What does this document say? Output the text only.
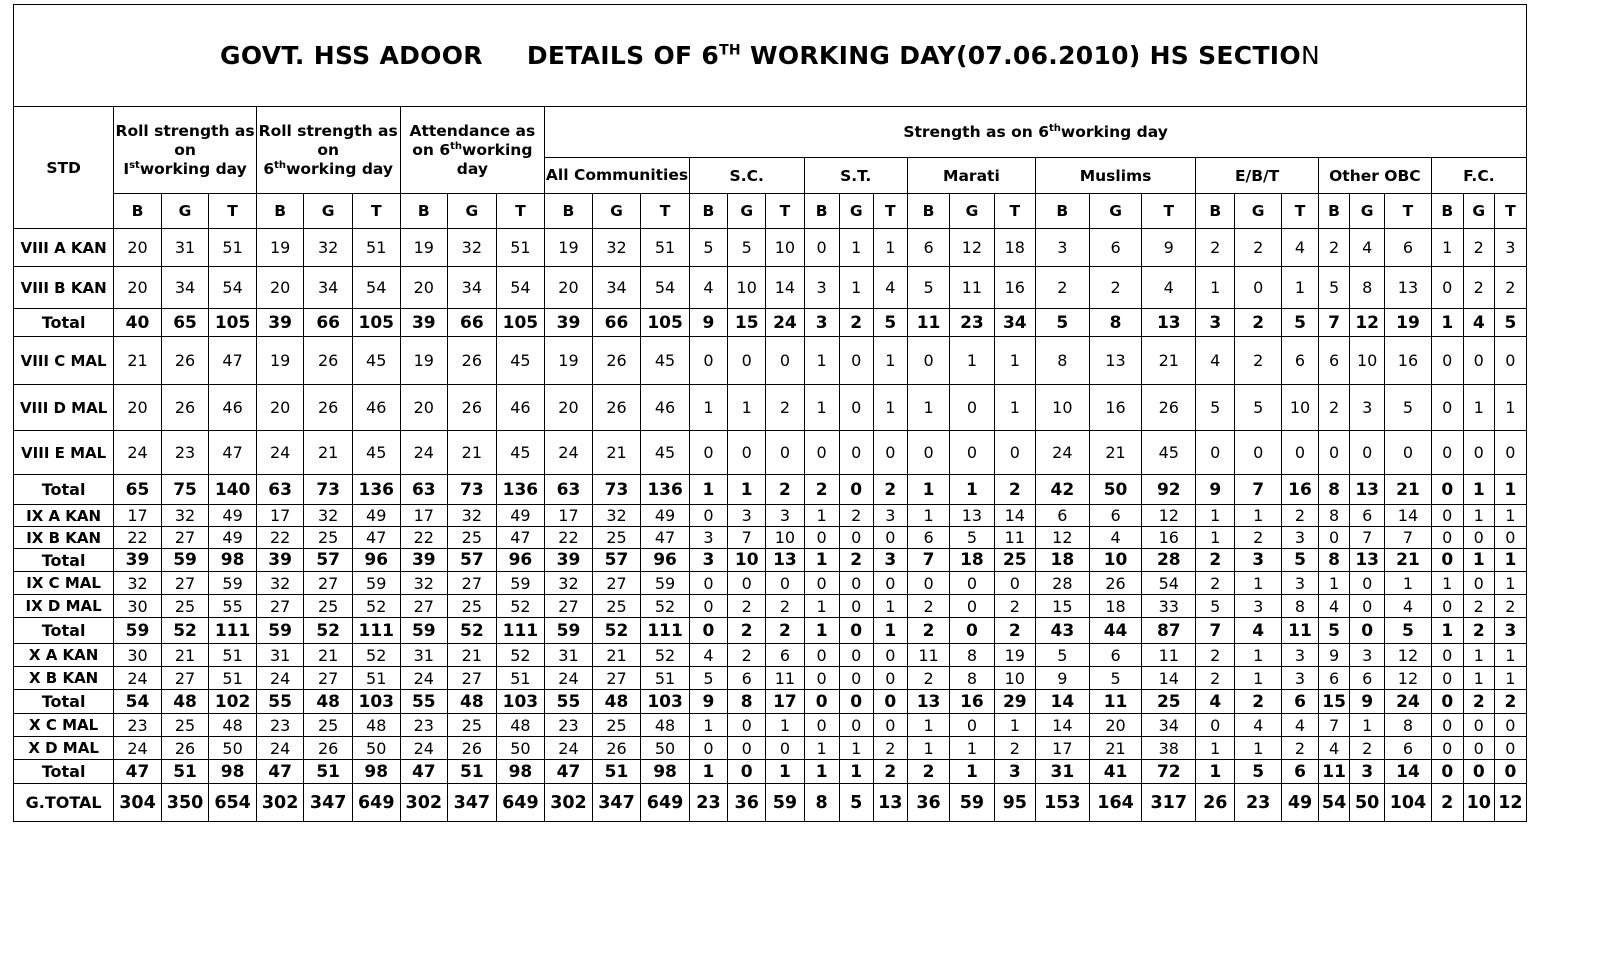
GOVT. HSS ADOOR DETAILS OF 6TH WORKING DAY(07.06.2010) HS SECTION
STD	Roll strength as on
Istworking day			Roll strength as on
6thworking day			Attendance as on 6thworking day			Strength as on 6thworking day																							
										All Communities			S.C.			S.T.			Marati			Muslims			E/B/T			Other OBC			F.C.		
	B	G	T	B	G	T	B	G	T	B	G	T	B	G	T	B	G	T	B	G	T	B	G	T	B	G	T	B	G	T	B	G	T
VIII A KAN	20	31	51	19	32	51	19	32	51	19	32	51	5	5	10	0	1	1	6	12	18	3	6	9	2	2	4	2	4	6	1	2	3
VIII B KAN	20	34	54	20	34	54	20	34	54	20	34	54	4	10	14	3	1	4	5	11	16	2	2	4	1	0	1	5	8	13	0	2	2
Total	40	65	105	39	66	105	39	66	105	39	66	105	9	15	24	3	2	5	11	23	34	5	8	13	3	2	5	7	12	19	1	4	5
VIII C MAL	21	26	47	19	26	45	19	26	45	19	26	45	0	0	0	1	0	1	0	1	1	8	13	21	4	2	6	6	10	16	0	0	0
VIII D MAL	20	26	46	20	26	46	20	26	46	20	26	46	1	1	2	1	0	1	1	0	1	10	16	26	5	5	10	2	3	5	0	1	1
VIII E MAL	24	23	47	24	21	45	24	21	45	24	21	45	0	0	0	0	0	0	0	0	0	24	21	45	0	0	0	0	0	0	0	0	0
Total	65	75	140	63	73	136	63	73	136	63	73	136	1	1	2	2	0	2	1	1	2	42	50	92	9	7	16	8	13	21	0	1	1
IX A KAN	17	32	49	17	32	49	17	32	49	17	32	49	0	3	3	1	2	3	1	13	14	6	6	12	1	1	2	8	6	14	0	1	1
IX B KAN	22	27	49	22	25	47	22	25	47	22	25	47	3	7	10	0	0	0	6	5	11	12	4	16	1	2	3	0	7	7	0	0	0
Total	39	59	98	39	57	96	39	57	96	39	57	96	3	10	13	1	2	3	7	18	25	18	10	28	2	3	5	8	13	21	0	1	1
IX C MAL	32	27	59	32	27	59	32	27	59	32	27	59	0	0	0	0	0	0	0	0	0	28	26	54	2	1	3	1	0	1	1	0	1
IX D MAL	30	25	55	27	25	52	27	25	52	27	25	52	0	2	2	1	0	1	2	0	2	15	18	33	5	3	8	4	0	4	0	2	2
Total	59	52	111	59	52	111	59	52	111	59	52	111	0	2	2	1	0	1	2	0	2	43	44	87	7	4	11	5	0	5	1	2	3
X A KAN	30	21	51	31	21	52	31	21	52	31	21	52	4	2	6	0	0	0	11	8	19	5	6	11	2	1	3	9	3	12	0	1	1
X B KAN	24	27	51	24	27	51	24	27	51	24	27	51	5	6	11	0	0	0	2	8	10	9	5	14	2	1	3	6	6	12	0	1	1
Total	54	48	102	55	48	103	55	48	103	55	48	103	9	8	17	0	0	0	13	16	29	14	11	25	4	2	6	15	9	24	0	2	2
X C MAL	23	25	48	23	25	48	23	25	48	23	25	48	1	0	1	0	0	0	1	0	1	14	20	34	0	4	4	7	1	8	0	0	0
X D MAL	24	26	50	24	26	50	24	26	50	24	26	50	0	0	0	1	1	2	1	1	2	17	21	38	1	1	2	4	2	6	0	0	0
Total	47	51	98	47	51	98	47	51	98	47	51	98	1	0	1	1	1	2	2	1	3	31	41	72	1	5	6	11	3	14	0	0	0
G.TOTAL	304	350	654	302	347	649	302	347	649	302	347	649	23	36	59	8	5	13	36	59	95	153	164	317	26	23	49	54	50	104	2	10	12
